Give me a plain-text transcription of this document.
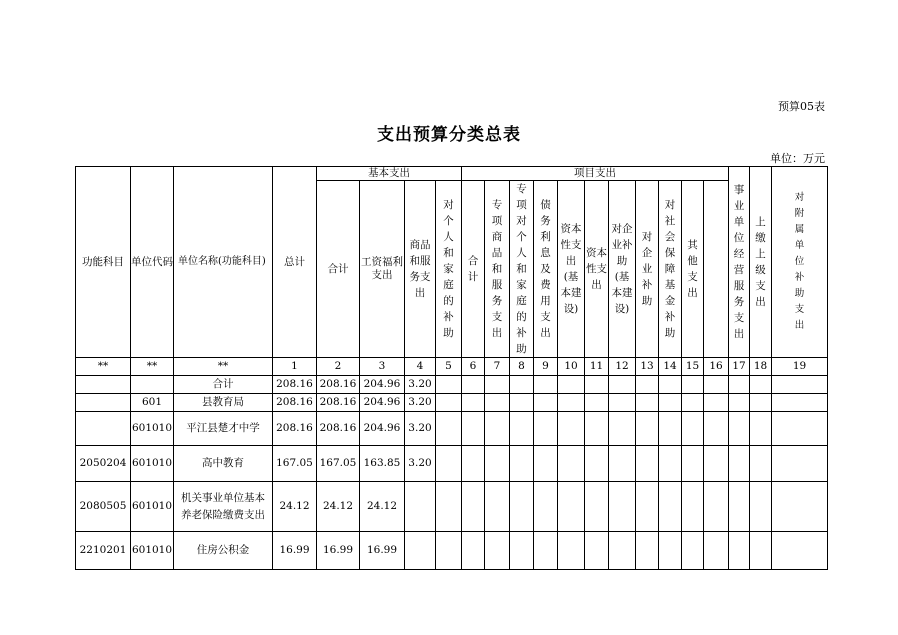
预算05表
支出预算分类总表
单位：万元
功能科目	单位代码	单位名称(功能科目)	总计	基本支出				项目支出											事业单位经营服务支出	上缴上级支出	对附属单位补助支出	
				合计	工资福利支出	商品和服务支出	对个人和家庭的补助	合计	专项商品和服务支出	专项对个人和家庭的补助	债务利息及费用支出	资本性支出(基本建设)	资本性支出	对企业补助(基本建设)	对企业补助	对社会保障基金补助	其他支出					
**	**	**	1	2	3	4	5	6	7	8	9	10	11	12	13	14	15	16	17	18	19	
		合计	208.16	208.16	204.96	3.20																
	601	县教育局	208.16	208.16	204.96	3.20																
	601010	平江县楚才中学	208.16	208.16	204.96	3.20																
2050204	601010	高中教育	167.05	167.05	163.85	3.20																
2080505	601010	机关事业单位基本养老保险缴费支出	24.12	24.12	24.12																	
2210201	601010	住房公积金	16.99	16.99	16.99																	
